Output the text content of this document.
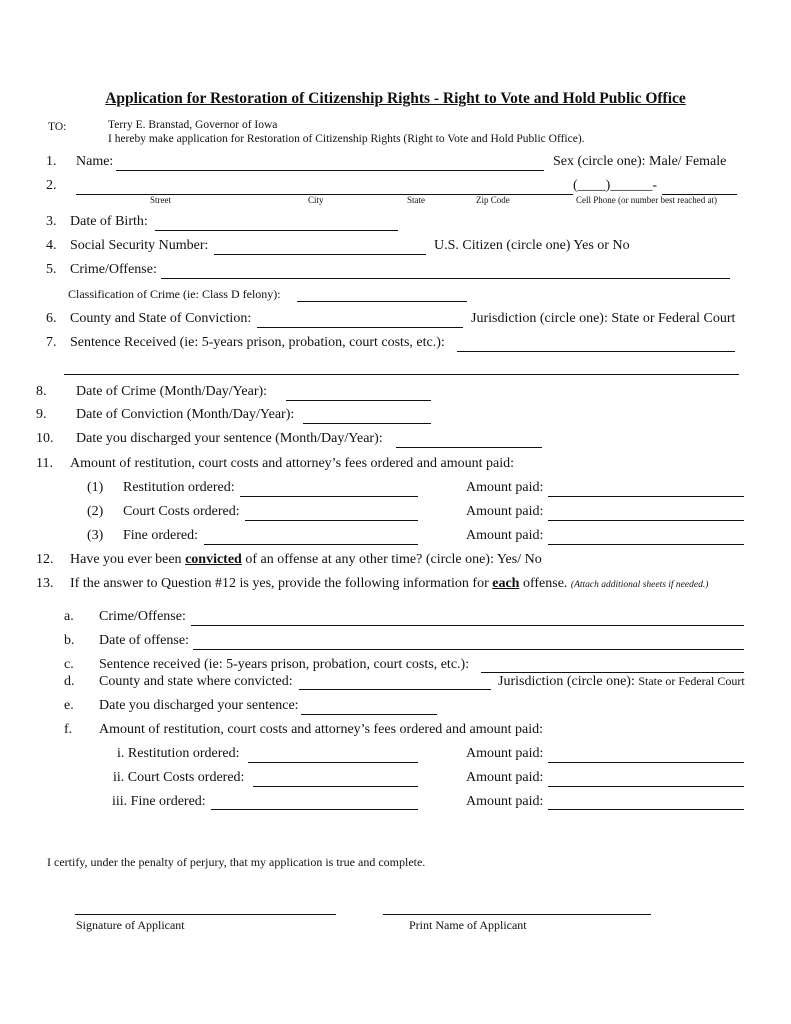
Application for Restoration of Citizenship Rights - Right to Vote and Hold Public Office
TO:	Terry E. Branstad, Governor of Iowa
I hereby make application for Restoration of Citizenship Rights (Right to Vote and Hold Public Office).
1. Name:	Sex (circle one): Male/ Female
2.	(____)______-
Street	City	State	Zip Code	Cell Phone (or number best reached at)
3. Date of Birth:
4. Social Security Number:	U.S. Citizen (circle one) Yes or No
5. Crime/Offense:
Classification of Crime (ie: Class D felony):
6. County and State of Conviction:	Jurisdiction (circle one): State or Federal Court
7. Sentence Received (ie: 5-years prison, probation, court costs, etc.):
8. Date of Crime (Month/Day/Year):
9. Date of Conviction (Month/Day/Year):
10. Date you discharged your sentence (Month/Day/Year):
11. Amount of restitution, court costs and attorney’s fees ordered and amount paid:
(1) Restitution ordered:	Amount paid:
(2) Court Costs ordered:	Amount paid:
(3) Fine ordered:	Amount paid:
12. Have you ever been convicted of an offense at any other time? (circle one): Yes/ No
13. If the answer to Question #12 is yes, provide the following information for each offense. (Attach additional sheets if needed.)
a. Crime/Offense:
b. Date of offense:
c. Sentence received (ie: 5-years prison, probation, court costs, etc.):
d. County and state where convicted:	Jurisdiction (circle one): State or Federal Court
e. Date you discharged your sentence:
f. Amount of restitution, court costs and attorney’s fees ordered and amount paid:
i. Restitution ordered:	Amount paid:
ii. Court Costs ordered:	Amount paid:
iii. Fine ordered:	Amount paid:
I certify, under the penalty of perjury, that my application is true and complete.
Signature of Applicant	Print Name of Applicant
